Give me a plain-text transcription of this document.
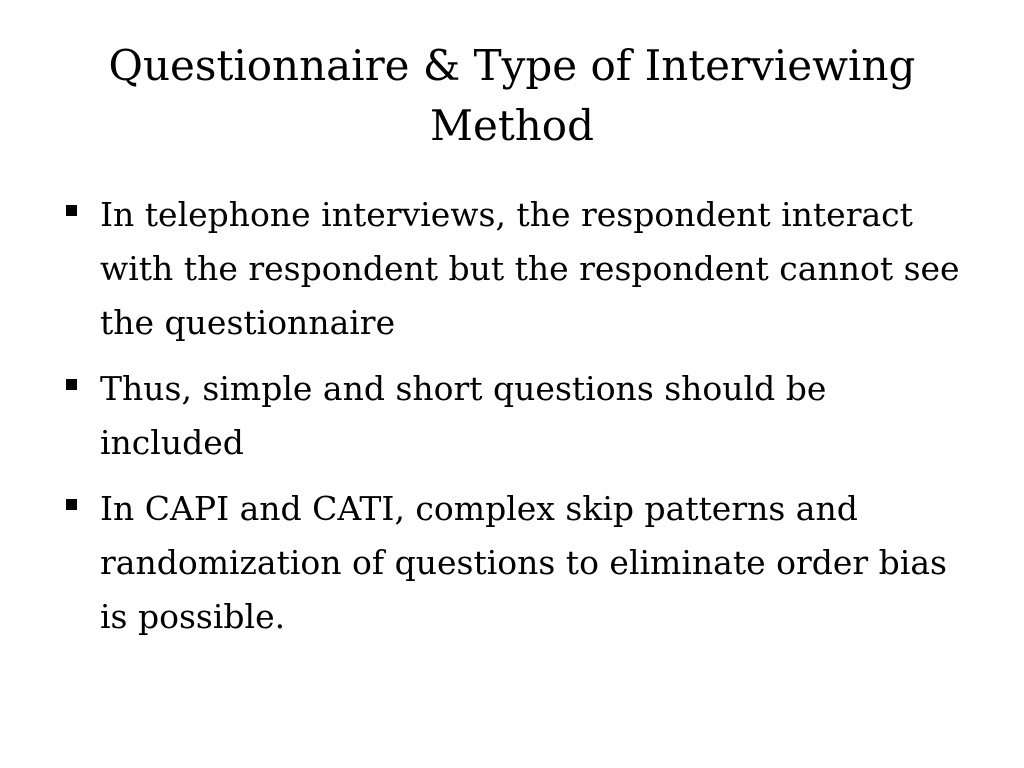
Questionnaire & Type of Interviewing Method
In telephone interviews, the respondent interact with the respondent but the respondent cannot see the questionnaire
Thus, simple and short questions should be included
In CAPI and CATI, complex skip patterns and randomization of questions to eliminate order bias is possible.
